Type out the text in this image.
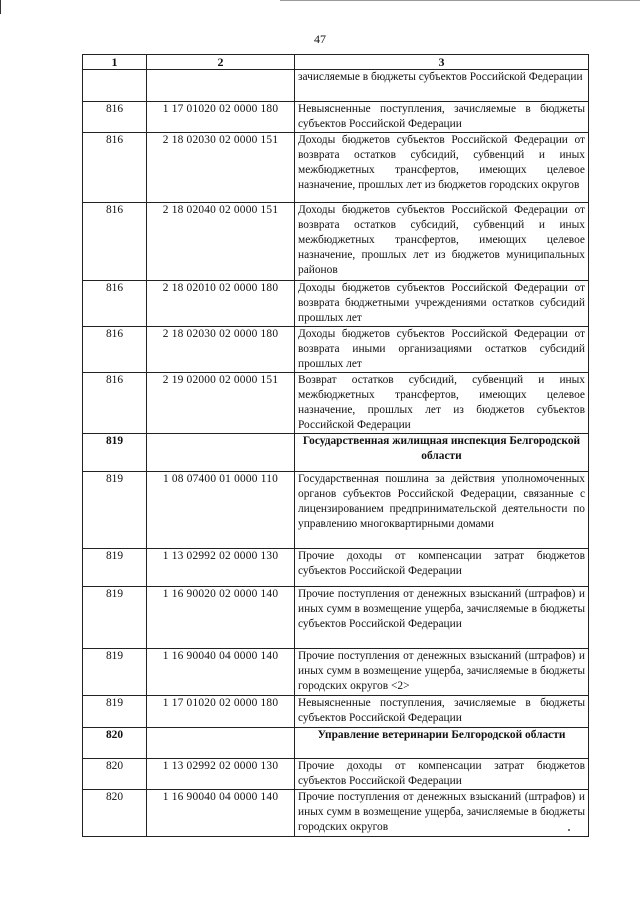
47
1	2	3
		зачисляемые в бюджеты субъектов Российской Федерации
816	1 17 01020 02 0000 180	Невыясненные поступления, зачисляемые в бюджеты субъектов Российской Федерации
816	2 18 02030 02 0000 151	Доходы бюджетов субъектов Российской Федерации от возврата остатков субсидий, субвенций и иных межбюджетных трансфертов, имеющих целевое назначение, прошлых лет из бюджетов городских округов
816	2 18 02040 02 0000 151	Доходы бюджетов субъектов Российской Федерации от возврата остатков субсидий, субвенций и иных межбюджетных трансфертов, имеющих целевое назначение, прошлых лет из бюджетов муниципальных районов
816	2 18 02010 02 0000 180	Доходы бюджетов субъектов Российской Федерации от возврата бюджетными учреждениями остатков субсидий прошлых лет
816	2 18 02030 02 0000 180	Доходы бюджетов субъектов Российской Федерации от возврата иными организациями остатков субсидий прошлых лет
816	2 19 02000 02 0000 151	Возврат остатков субсидий, субвенций и иных межбюджетных трансфертов, имеющих целевое назначение, прошлых лет из бюджетов субъектов Российской Федерации
819		Государственная жилищная инспекция Белгородской области
819	1 08 07400 01 0000 110	Государственная пошлина за действия уполномоченных органов субъектов Российской Федерации, связанные с лицензированием предпринимательской деятельности по управлению многоквартирными домами
819	1 13 02992 02 0000 130	Прочие доходы от компенсации затрат бюджетов субъектов Российской Федерации
819	1 16 90020 02 0000 140	Прочие поступления от денежных взысканий (штрафов) и иных сумм в возмещение ущерба, зачисляемые в бюджеты субъектов Российской Федерации
819	1 16 90040 04 0000 140	Прочие поступления от денежных взысканий (штрафов) и иных сумм в возмещение ущерба, зачисляемые в бюджеты городских округов <2>
819	1 17 01020 02 0000 180	Невыясненные поступления, зачисляемые в бюджеты субъектов Российской Федерации
820		Управление ветеринарии Белгородской области
820	1 13 02992 02 0000 130	Прочие доходы от компенсации затрат бюджетов субъектов Российской Федерации
820	1 16 90040 04 0000 140	Прочие поступления от денежных взысканий (штрафов) и иных сумм в возмещение ущерба, зачисляемые в бюджеты городских округов
